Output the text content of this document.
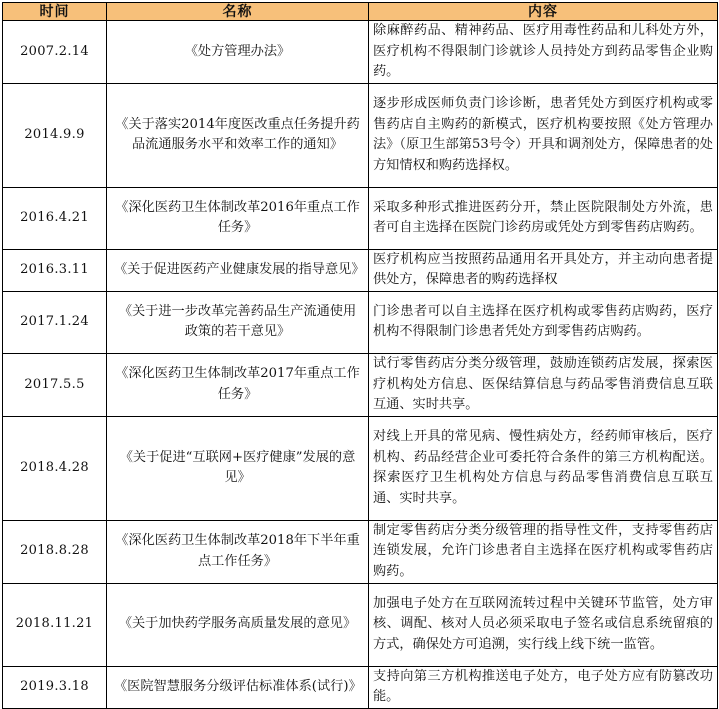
时间	名称	内容
2007.2.14	《处方管理办法》	除麻醉药品、精神药品、医疗用毒性药品和儿科处方外，医疗机构不得限制门诊就诊人员持处方到药品零售企业购药。
2014.9.9	《关于落实2014年度医改重点任务提升药品流通服务水平和效率工作的通知》	逐步形成医师负责门诊诊断，患者凭处方到医疗机构或零售药店自主购药的新模式，医疗机构要按照《处方管理办法》（原卫生部第53号令）开具和调剂处方，保障患者的处方知情权和购药选择权。
2016.4.21	《深化医药卫生体制改革2016年重点工作任务》	采取多种形式推进医药分开，禁止医院限制处方外流，患者可自主选择在医院门诊药房或凭处方到零售药店购药。
2016.3.11	《关于促进医药产业健康发展的指导意见》	医疗机构应当按照药品通用名开具处方，并主动向患者提供处方，保障患者的购药选择权
2017.1.24	《关于进一步改革完善药品生产流通使用政策的若干意见》	门诊患者可以自主选择在医疗机构或零售药店购药，医疗机构不得限制门诊患者凭处方到零售药店购药。
2017.5.5	《深化医药卫生体制改革2017年重点工作任务》	试行零售药店分类分级管理，鼓励连锁药店发展，探索医疗机构处方信息、医保结算信息与药品零售消费信息互联互通、实时共享。
2018.4.28	《关于促进“互联网+医疗健康”发展的意见》	对线上开具的常见病、慢性病处方，经药师审核后，医疗机构、药品经营企业可委托符合条件的第三方机构配送。探索医疗卫生机构处方信息与药品零售消费信息互联互通、实时共享。
2018.8.28	《深化医药卫生体制改革2018年下半年重点工作任务》	制定零售药店分类分级管理的指导性文件，支持零售药店连锁发展，允许门诊患者自主选择在医疗机构或零售药店购药。
2018.11.21	《关于加快药学服务高质量发展的意见》	加强电子处方在互联网流转过程中关键环节监管，处方审核、调配、核对人员必须采取电子签名或信息系统留痕的方式，确保处方可追溯，实行线上线下统一监管。
2019.3.18	《医院智慧服务分级评估标准体系(试行)》	支持向第三方机构推送电子处方，电子处方应有防篡改功能。
